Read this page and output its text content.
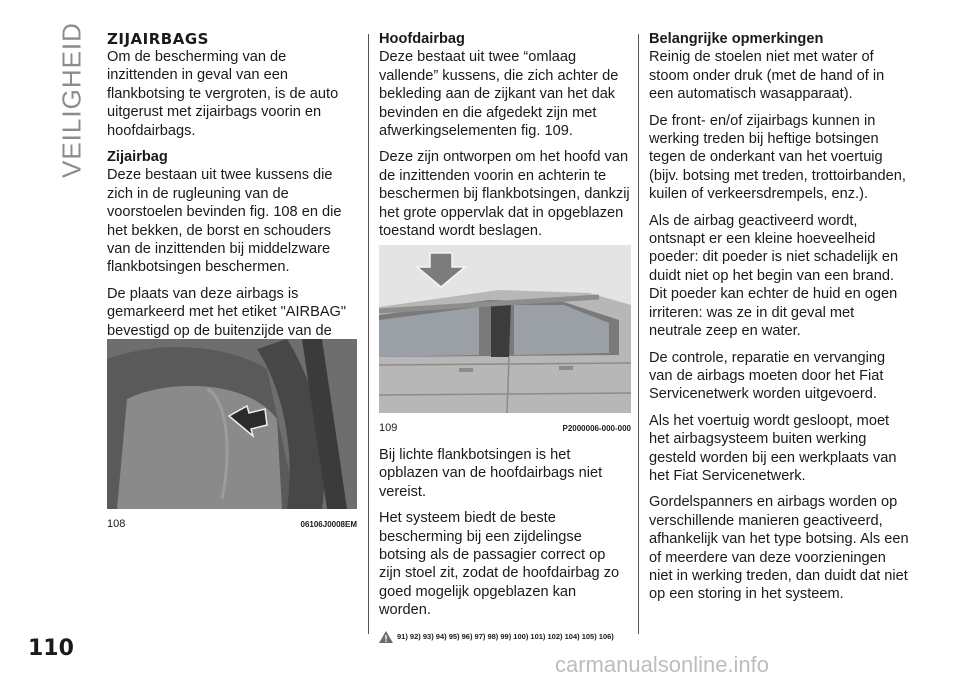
VEILIGHEID
110
carmanualsonline.info
ZIJAIRBAGS

Om de bescherming van de inzittenden in geval van een flankbotsing te vergroten, is de auto uitgerust met zijairbags voorin en hoofdairbags.

Zijairbag

Deze bestaan uit twee kussens die zich in de rugleuning van de voorstoelen bevinden fig. 108 en die het bekken, de borst en schouders van de inzittenden bij middelzware flankbotsingen beschermen.

De plaats van deze airbags is gemarkeerd met het etiket "AIRBAG" bevestigd op de buitenzijde van de

108	06106J0008EM
Hoofdairbag

Deze bestaat uit twee “omlaag vallende” kussens, die zich achter de bekleding aan de zijkant van het dak bevinden en die afgedekt zijn met afwerkingselementen fig. 109.

Deze zijn ontworpen om het hoofd van de inzittenden voorin en achterin te beschermen bij flankbotsingen, dankzij het grote oppervlak dat in opgeblazen toestand wordt beslagen.

109	P2000006-000-000

Bij lichte flankbotsingen is het opblazen van de hoofdairbags niet vereist.

Het systeem biedt de beste bescherming bij een zijdelingse botsing als de passagier correct op zijn stoel zit, zodat de hoofdairbag zo goed mogelijk opgeblazen kan worden.

91) 92) 93) 94) 95) 96) 97) 98) 99) 100) 101) 102) 104) 105) 106)
Belangrijke opmerkingen

Reinig de stoelen niet met water of stoom onder druk (met de hand of in een automatisch wasapparaat).

De front- en/of zijairbags kunnen in werking treden bij heftige botsingen tegen de onderkant van het voertuig (bijv. botsing met treden, trottoirbanden, kuilen of verkeersdrempels, enz.).

Als de airbag geactiveerd wordt, ontsnapt er een kleine hoeveelheid poeder: dit poeder is niet schadelijk en duidt niet op het begin van een brand. Dit poeder kan echter de huid en ogen irriteren: was ze in dit geval met neutrale zeep en water.

De controle, reparatie en vervanging van de airbags moeten door het Fiat Servicenetwerk worden uitgevoerd.

Als het voertuig wordt gesloopt, moet het airbagsysteem buiten werking gesteld worden bij een werkplaats van het Fiat Servicenetwerk.

Gordelspanners en airbags worden op verschillende manieren geactiveerd, afhankelijk van het type botsing. Als een of meerdere van deze voorzieningen niet in werking treden, dan duidt dat niet op een storing in het systeem.
